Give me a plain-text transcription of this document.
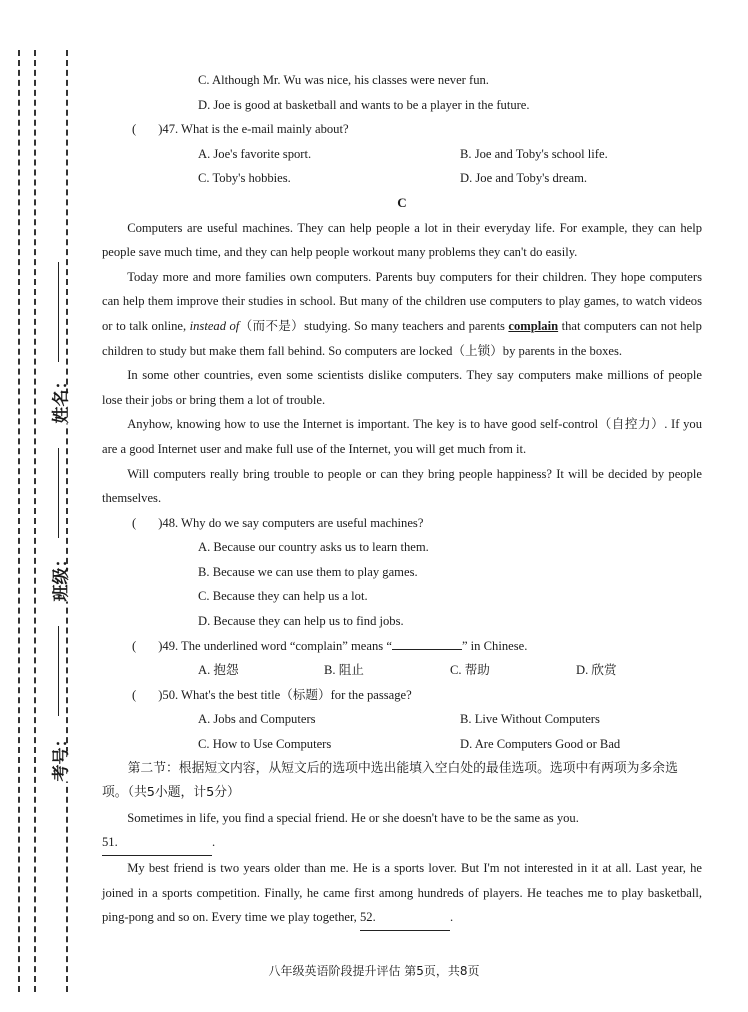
姓名：
班级：
考号：

C. Although Mr. Wu was nice, his classes were never fun.

D. Joe is good at basketball and wants to be a player in the future.

( )47. What is the e-mail mainly about?

A. Joe's favorite sport.	B. Joe and Toby's school life.
C. Toby's hobbies.	D. Joe and Toby's dream.

C

Computers are useful machines. They can help people a lot in their everyday life. For example, they can help people save much time, and they can help people workout many problems they can't do easily.

Today more and more families own computers. Parents buy computers for their children. They hope computers can help them improve their studies in school. But many of the children use computers to play games, to watch videos or to talk online, instead of（而不是）studying. So many teachers and parents complain that computers can not help children to study but make them fall behind. So computers are locked（上锁）by parents in the boxes.

In some other countries, even some scientists dislike computers. They say computers make millions of people lose their jobs or bring them a lot of trouble.

Anyhow, knowing how to use the Internet is important. The key is to have good self-control（自控力）. If you are a good Internet user and make full use of the Internet, you will get much from it.

Will computers really bring trouble to people or can they bring people happiness? It will be decided by people themselves.

( )48. Why do we say computers are useful machines?

A. Because our country asks us to learn them.

B. Because we can use them to play games.

C. Because they can help us a lot.

D. Because they can help us to find jobs.

( )49. The underlined word “complain” means “	” in Chinese.

A. 抱怨	B. 阻止	C. 帮助	D. 欣赏

( )50. What's the best title（标题）for the passage?

A. Jobs and Computers	B. Live Without Computers
C. How to Use Computers	D. Are Computers Good or Bad

第二节：根据短文内容，从短文后的选项中选出能填入空白处的最佳选项。选项中有两项为多余选项。（共5小题，计5分）

Sometimes in life, you find a special friend. He or she doesn't have to be the same as you.

51.	.

My best friend is two years older than me. He is a sports lover. But I'm not interested in it at all. Last year, he joined in a sports competition. Finally, he came first among hundreds of players. He teaches me to play basketball, ping-pong and so on. Every time we play together, 52.	.

八年级英语阶段提升评估 第5页，共8页
